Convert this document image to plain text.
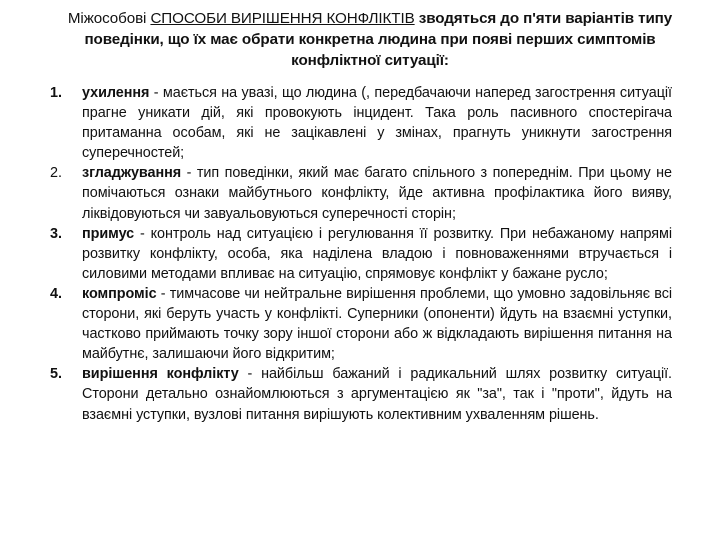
Міжособові СПОСОБИ ВИРІШЕННЯ КОНФЛІКТІВ зводяться до п'яти варіантів типу поведінки, що їх має обрати конкретна людина при появі перших симптомів конфліктної ситуації:
1. ухилення - мається на увазі, що людина (, передбачаючи наперед загострення ситуації прагне уникати дій, які провокують інцидент. Така роль пасивного спостерігача притаманна особам, які не зацікавлені у змінах, прагнуть уникнути загострення суперечностей;
2. згладжування - тип поведінки, який має багато спільного з попереднім. При цьому не помічаються ознаки майбутнього конфлікту, йде активна профілактика його вияву, ліквідовуються чи завуальовуються суперечності сторін;
3. примус - контроль над ситуацією і регулювання її розвитку. При небажаному напрямі розвитку конфлікту, особа, яка наділена владою і повноваженнями втручається і силовими методами впливає на ситуацію, спрямовує конфлікт у бажане русло;
4. компроміс - тимчасове чи нейтральне вирішення проблеми, що умовно задовільняє всі сторони, які беруть участь у конфлікті. Суперники (опоненти) йдуть на взаємні уступки, частково приймають точку зору іншої сторони або ж відкладають вирішення питання на майбутнє, залишаючи його відкритим;
5. вирішення конфлікту - найбільш бажаний і радикальний шлях розвитку ситуації. Сторони детально ознайомлюються з аргументацією як "за", так і "проти", йдуть на взаємні уступки, вузлові питання вирішують колективним ухваленням рішень.
